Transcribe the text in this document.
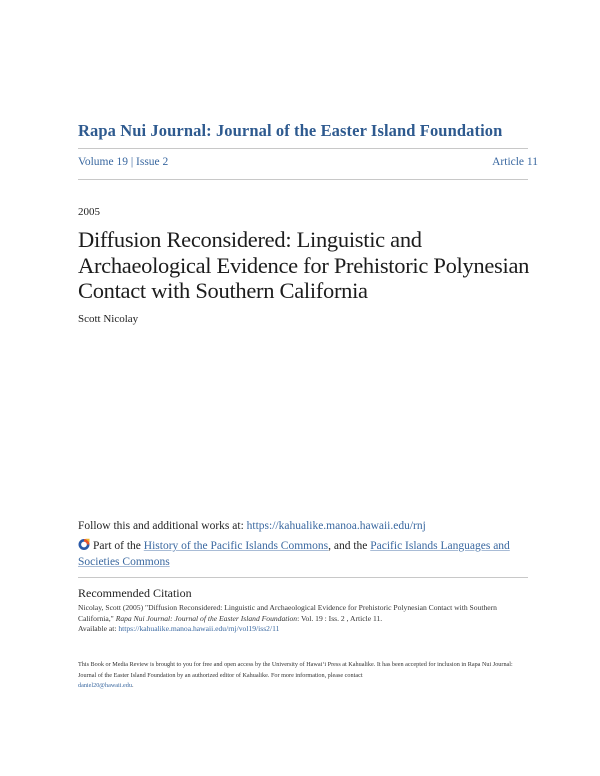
Rapa Nui Journal: Journal of the Easter Island Foundation
Volume 19 | Issue 2	Article 11
2005
Diffusion Reconsidered: Linguistic and Archaeological Evidence for Prehistoric Polynesian Contact with Southern California
Scott Nicolay
Follow this and additional works at: https://kahualike.manoa.hawaii.edu/rnj
Part of the History of the Pacific Islands Commons, and the Pacific Islands Languages and Societies Commons
Recommended Citation
Nicolay, Scott (2005) "Diffusion Reconsidered: Linguistic and Archaeological Evidence for Prehistoric Polynesian Contact with Southern California," Rapa Nui Journal: Journal of the Easter Island Foundation: Vol. 19 : Iss. 2 , Article 11.
Available at: https://kahualike.manoa.hawaii.edu/rnj/vol19/iss2/11
This Book or Media Review is brought to you for free and open access by the University of Hawaiʻi Press at Kahualike. It has been accepted for inclusion in Rapa Nui Journal: Journal of the Easter Island Foundation by an authorized editor of Kahualike. For more information, please contact
daniel20@hawaii.edu.
